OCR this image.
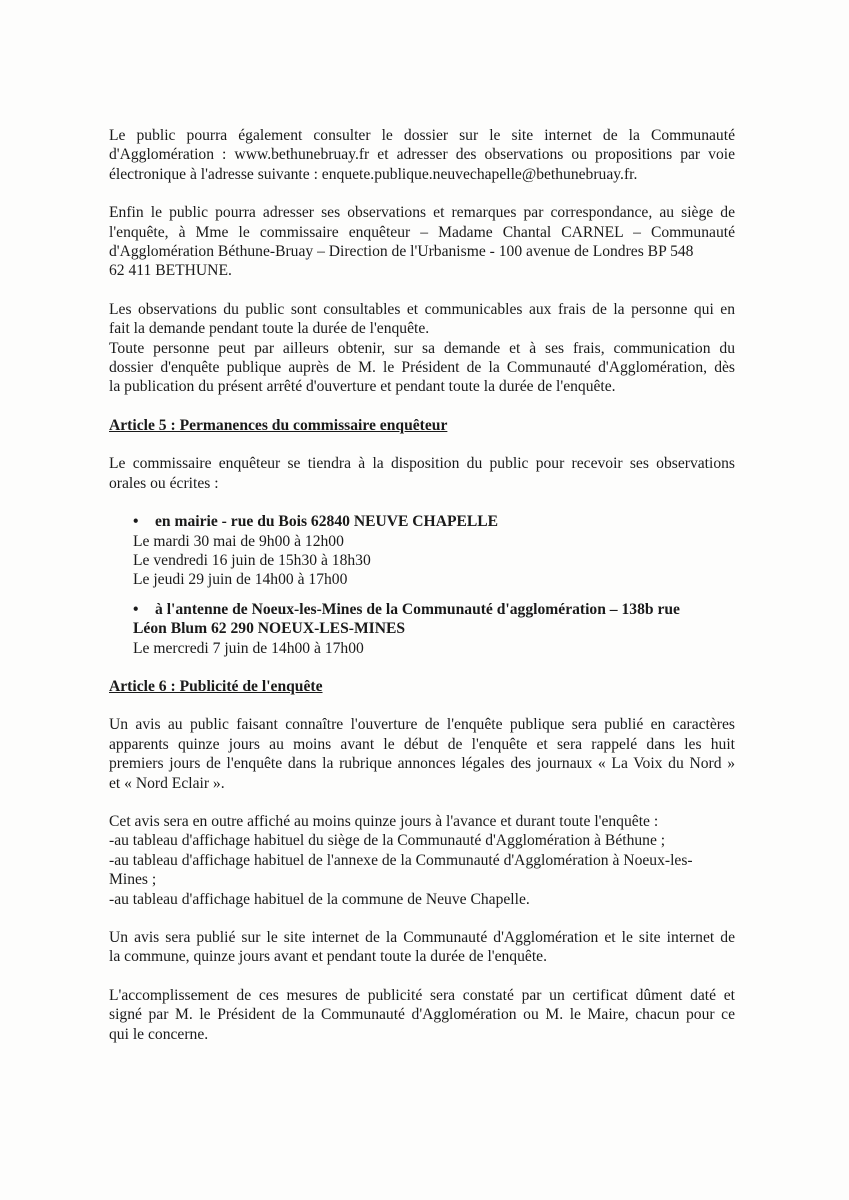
Le public pourra également consulter le dossier sur le site internet de la Communauté
d'Agglomération : www.bethunebruay.fr et adresser des observations ou propositions par voie
électronique à l'adresse suivante : enquete.publique.neuvechapelle@bethunebruay.fr.

Enfin le public pourra adresser ses observations et remarques par correspondance, au siège de
l'enquête, à Mme le commissaire enquêteur – Madame Chantal CARNEL – Communauté
d'Agglomération Béthune-Bruay – Direction de l'Urbanisme - 100 avenue de Londres BP 548
62 411 BETHUNE.

Les observations du public sont consultables et communicables aux frais de la personne qui en
fait la demande pendant toute la durée de l'enquête.
Toute personne peut par ailleurs obtenir, sur sa demande et à ses frais, communication du
dossier d'enquête publique auprès de M. le Président de la Communauté d'Agglomération, dès
la publication du présent arrêté d'ouverture et pendant toute la durée de l'enquête.

Article 5 : Permanences du commissaire enquêteur

Le commissaire enquêteur se tiendra à la disposition du public pour recevoir ses observations
orales ou écrites :

• en mairie - rue du Bois 62840 NEUVE CHAPELLE
Le mardi 30 mai de 9h00 à 12h00
Le vendredi 16 juin de 15h30 à 18h30
Le jeudi 29 juin de 14h00 à 17h00
• à l'antenne de Noeux-les-Mines de la Communauté d'agglomération – 138b rue
Léon Blum 62 290 NOEUX-LES-MINES
Le mercredi 7 juin de 14h00 à 17h00

Article 6 : Publicité de l'enquête

Un avis au public faisant connaître l'ouverture de l'enquête publique sera publié en caractères
apparents quinze jours au moins avant le début de l'enquête et sera rappelé dans les huit
premiers jours de l'enquête dans la rubrique annonces légales des journaux « La Voix du Nord »
et « Nord Eclair ».

Cet avis sera en outre affiché au moins quinze jours à l'avance et durant toute l'enquête :
-au tableau d'affichage habituel du siège de la Communauté d'Agglomération à Béthune ;
-au tableau d'affichage habituel de l'annexe de la Communauté d'Agglomération à Noeux-les-
Mines ;
-au tableau d'affichage habituel de la commune de Neuve Chapelle.

Un avis sera publié sur le site internet de la Communauté d'Agglomération et le site internet de
la commune, quinze jours avant et pendant toute la durée de l'enquête.

L'accomplissement de ces mesures de publicité sera constaté par un certificat dûment daté et
signé par M. le Président de la Communauté d'Agglomération ou M. le Maire, chacun pour ce
qui le concerne.
